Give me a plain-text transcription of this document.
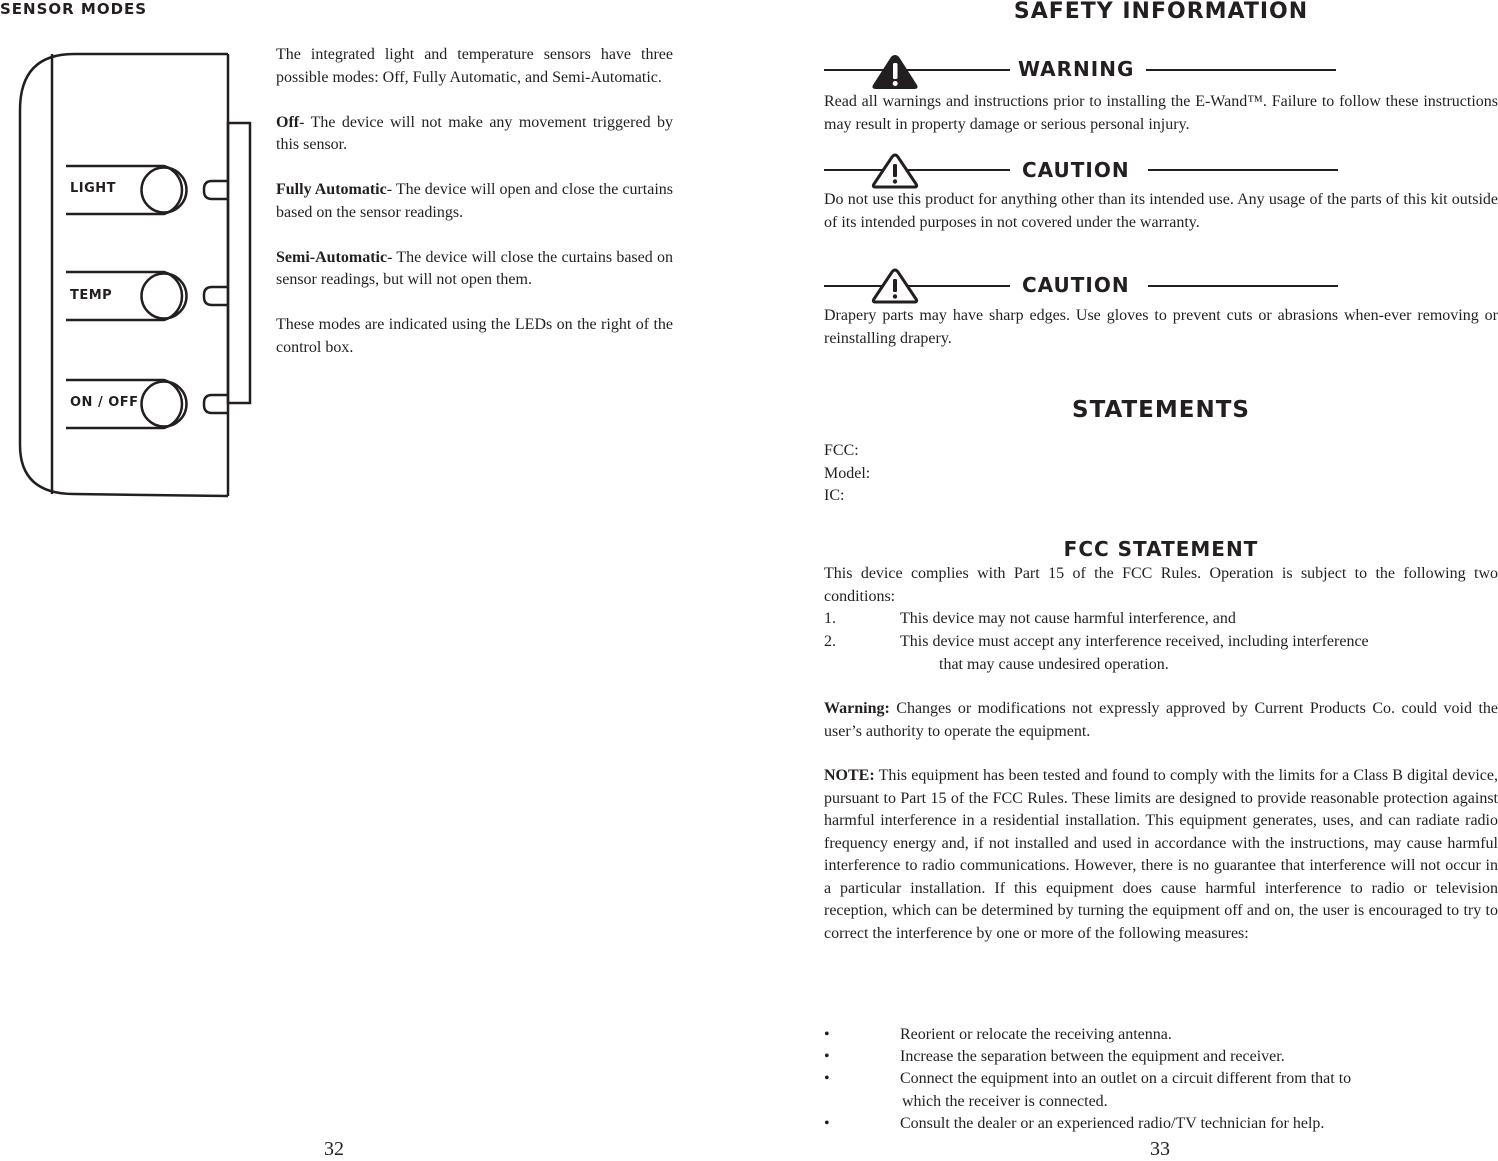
SENSOR MODES
LIGHT
TEMP
ON / OFF

The integrated light and temperature sensors have three possible modes: Off, Fully Automatic, and Semi-Automatic.

Off- The device will not make any movement triggered by this sensor.

Fully Automatic- The device will open and close the curtains based on the sensor readings.

Semi-Automatic- The device will close the curtains based on sensor readings, but will not open them.

These modes are indicated using the LEDs on the right of the control box.

32
SAFETY INFORMATION
WARNING

Read all warnings and instructions prior to installing the E-Wand™. Failure to follow these instructions may result in property damage or serious personal injury.

CAUTION

Do not use this product for anything other than its intended use. Any usage of the parts of this kit outside of its intended purposes in not covered under the warranty.

CAUTION

Drapery parts may have sharp edges. Use gloves to prevent cuts or abrasions when-ever removing or reinstalling drapery.

STATEMENTS
FCC:
Model:
IC:
FCC STATEMENT

This device complies with Part 15 of the FCC Rules. Operation is subject to the following two conditions:

1.	This device may not cause harmful interference, and
2.	This device must accept any interference received, including interference
that may cause undesired operation.

Warning: Changes or modifications not expressly approved by Current Products Co. could void the user’s authority to operate the equipment.

NOTE: This equipment has been tested and found to comply with the limits for a Class B digital device, pursuant to Part 15 of the FCC Rules. These limits are designed to provide reasonable protection against harmful interference in a residential installation. This equipment generates, uses, and can radiate radio frequency energy and, if not installed and used in accordance with the instructions, may cause harmful interference to radio communications. However, there is no guarantee that interference will not occur in a particular installation. If this equipment does cause harmful interference to radio or television reception, which can be determined by turning the equipment off and on, the user is encouraged to try to correct the interference by one or more of the following measures:

•	Reorient or relocate the receiving antenna.
•	Increase the separation between the equipment and receiver.
•	Connect the equipment into an outlet on a circuit different from that to
which the receiver is connected.
•	Consult the dealer or an experienced radio/TV technician for help.
33
